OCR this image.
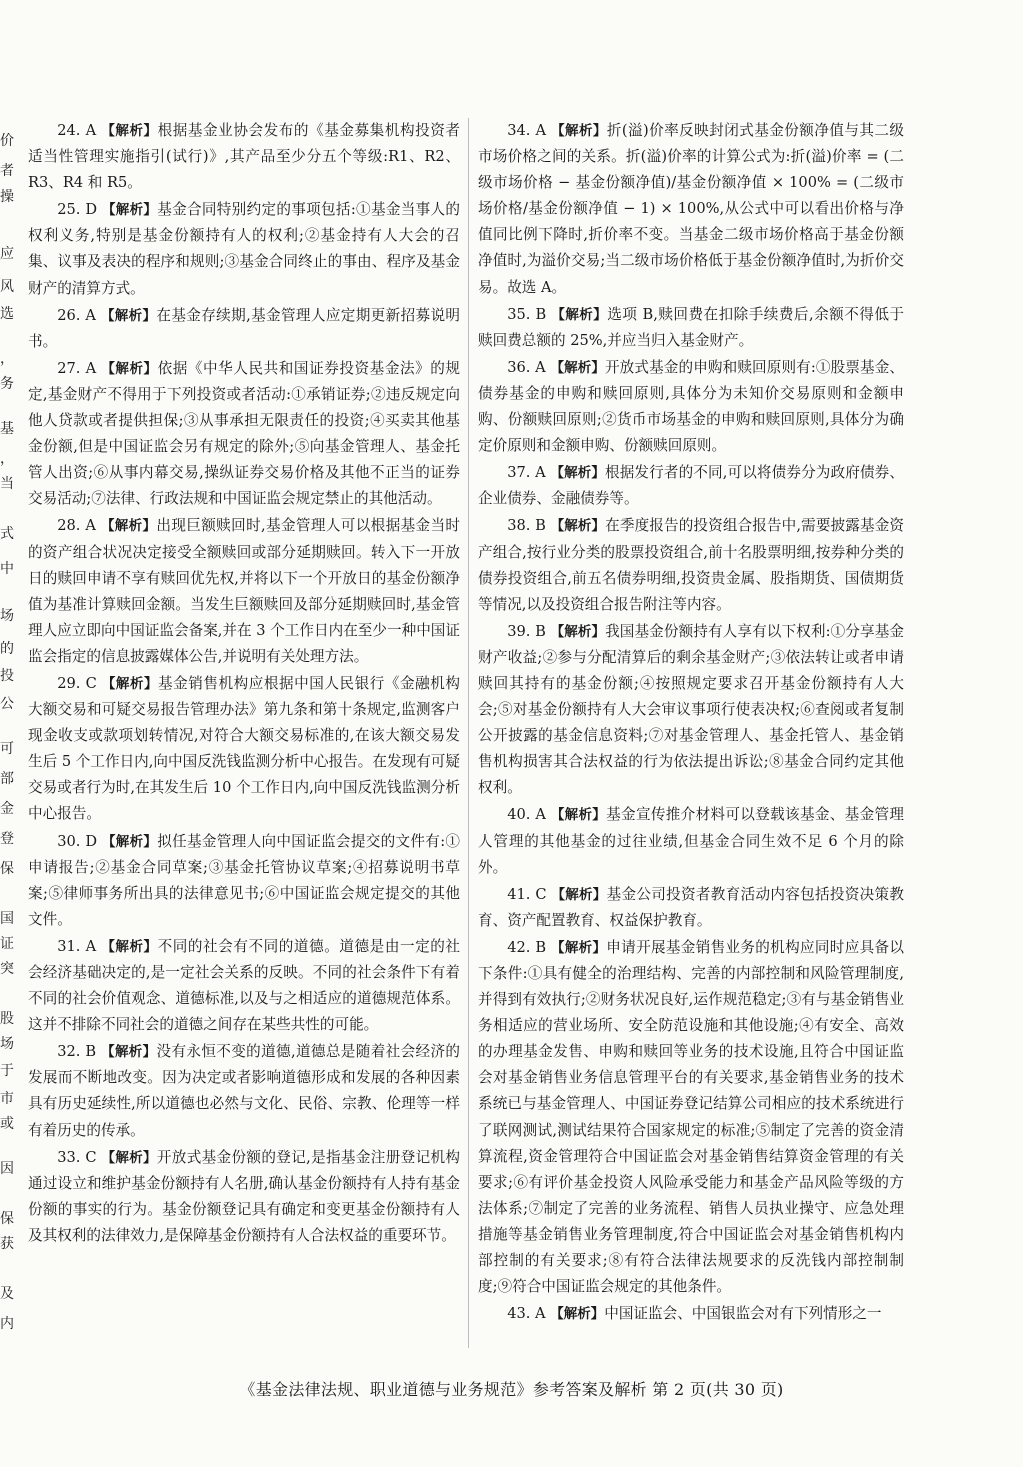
价
者
操
应
风
选
，
务
基
，
当
式
中
场
的
投
公
可
部
金
登
保
国
证
突
股
场
于
市
或
因
保
获
及
内

24. A 【解析】根据基金业协会发布的《基金募集机构投资者适当性管理实施指引(试行)》,其产品至少分五个等级:R1、R2、R3、R4 和 R5。

25. D 【解析】基金合同特别约定的事项包括:①基金当事人的权利义务,特别是基金份额持有人的权利;②基金持有人大会的召集、议事及表决的程序和规则;③基金合同终止的事由、程序及基金财产的清算方式。

26. A 【解析】在基金存续期,基金管理人应定期更新招募说明书。

27. A 【解析】依据《中华人民共和国证券投资基金法》的规定,基金财产不得用于下列投资或者活动:①承销证券;②违反规定向他人贷款或者提供担保;③从事承担无限责任的投资;④买卖其他基金份额,但是中国证监会另有规定的除外;⑤向基金管理人、基金托管人出资;⑥从事内幕交易,操纵证券交易价格及其他不正当的证券交易活动;⑦法律、行政法规和中国证监会规定禁止的其他活动。

28. A 【解析】出现巨额赎回时,基金管理人可以根据基金当时的资产组合状况决定接受全额赎回或部分延期赎回。转入下一开放日的赎回申请不享有赎回优先权,并将以下一个开放日的基金份额净值为基准计算赎回金额。当发生巨额赎回及部分延期赎回时,基金管理人应立即向中国证监会备案,并在 3 个工作日内在至少一种中国证监会指定的信息披露媒体公告,并说明有关处理方法。

29. C 【解析】基金销售机构应根据中国人民银行《金融机构大额交易和可疑交易报告管理办法》第九条和第十条规定,监测客户现金收支或款项划转情况,对符合大额交易标准的,在该大额交易发生后 5 个工作日内,向中国反洗钱监测分析中心报告。在发现有可疑交易或者行为时,在其发生后 10 个工作日内,向中国反洗钱监测分析中心报告。

30. D 【解析】拟任基金管理人向中国证监会提交的文件有:①申请报告;②基金合同草案;③基金托管协议草案;④招募说明书草案;⑤律师事务所出具的法律意见书;⑥中国证监会规定提交的其他文件。

31. A 【解析】不同的社会有不同的道德。道德是由一定的社会经济基础决定的,是一定社会关系的反映。不同的社会条件下有着不同的社会价值观念、道德标准,以及与之相适应的道德规范体系。这并不排除不同社会的道德之间存在某些共性的可能。

32. B 【解析】没有永恒不变的道德,道德总是随着社会经济的发展而不断地改变。因为决定或者影响道德形成和发展的各种因素具有历史延续性,所以道德也必然与文化、民俗、宗教、伦理等一样有着历史的传承。

33. C 【解析】开放式基金份额的登记,是指基金注册登记机构通过设立和维护基金份额持有人名册,确认基金份额持有人持有基金份额的事实的行为。基金份额登记具有确定和变更基金份额持有人及其权利的法律效力,是保障基金份额持有人合法权益的重要环节。

34. A 【解析】折(溢)价率反映封闭式基金份额净值与其二级市场价格之间的关系。折(溢)价率的计算公式为:折(溢)价率 = (二级市场价格 − 基金份额净值)/基金份额净值 × 100% = (二级市场价格/基金份额净值 − 1) × 100%,从公式中可以看出价格与净值同比例下降时,折价率不变。当基金二级市场价格高于基金份额净值时,为溢价交易;当二级市场价格低于基金份额净值时,为折价交易。故选 A。

35. B 【解析】选项 B,赎回费在扣除手续费后,余额不得低于赎回费总额的 25%,并应当归入基金财产。

36. A 【解析】开放式基金的申购和赎回原则有:①股票基金、债券基金的申购和赎回原则,具体分为未知价交易原则和金额申购、份额赎回原则;②货币市场基金的申购和赎回原则,具体分为确定价原则和金额申购、份额赎回原则。

37. A 【解析】根据发行者的不同,可以将债券分为政府债券、企业债券、金融债券等。

38. B 【解析】在季度报告的投资组合报告中,需要披露基金资产组合,按行业分类的股票投资组合,前十名股票明细,按券种分类的债券投资组合,前五名债券明细,投资贵金属、股指期货、国债期货等情况,以及投资组合报告附注等内容。

39. B 【解析】我国基金份额持有人享有以下权利:①分享基金财产收益;②参与分配清算后的剩余基金财产;③依法转让或者申请赎回其持有的基金份额;④按照规定要求召开基金份额持有人大会;⑤对基金份额持有人大会审议事项行使表决权;⑥查阅或者复制公开披露的基金信息资料;⑦对基金管理人、基金托管人、基金销售机构损害其合法权益的行为依法提出诉讼;⑧基金合同约定其他权利。

40. A 【解析】基金宣传推介材料可以登载该基金、基金管理人管理的其他基金的过往业绩,但基金合同生效不足 6 个月的除外。

41. C 【解析】基金公司投资者教育活动内容包括投资决策教育、资产配置教育、权益保护教育。

42. B 【解析】申请开展基金销售业务的机构应同时应具备以下条件:①具有健全的治理结构、完善的内部控制和风险管理制度,并得到有效执行;②财务状况良好,运作规范稳定;③有与基金销售业务相适应的营业场所、安全防范设施和其他设施;④有安全、高效的办理基金发售、申购和赎回等业务的技术设施,且符合中国证监会对基金销售业务信息管理平台的有关要求,基金销售业务的技术系统已与基金管理人、中国证券登记结算公司相应的技术系统进行了联网测试,测试结果符合国家规定的标准;⑤制定了完善的资金清算流程,资金管理符合中国证监会对基金销售结算资金管理的有关要求;⑥有评价基金投资人风险承受能力和基金产品风险等级的方法体系;⑦制定了完善的业务流程、销售人员执业操守、应急处理措施等基金销售业务管理制度,符合中国证监会对基金销售机构内部控制的有关要求;⑧有符合法律法规要求的反洗钱内部控制制度;⑨符合中国证监会规定的其他条件。

43. A 【解析】中国证监会、中国银监会对有下列情形之一

《基金法律法规、职业道德与业务规范》参考答案及解析 第 2 页(共 30 页)
